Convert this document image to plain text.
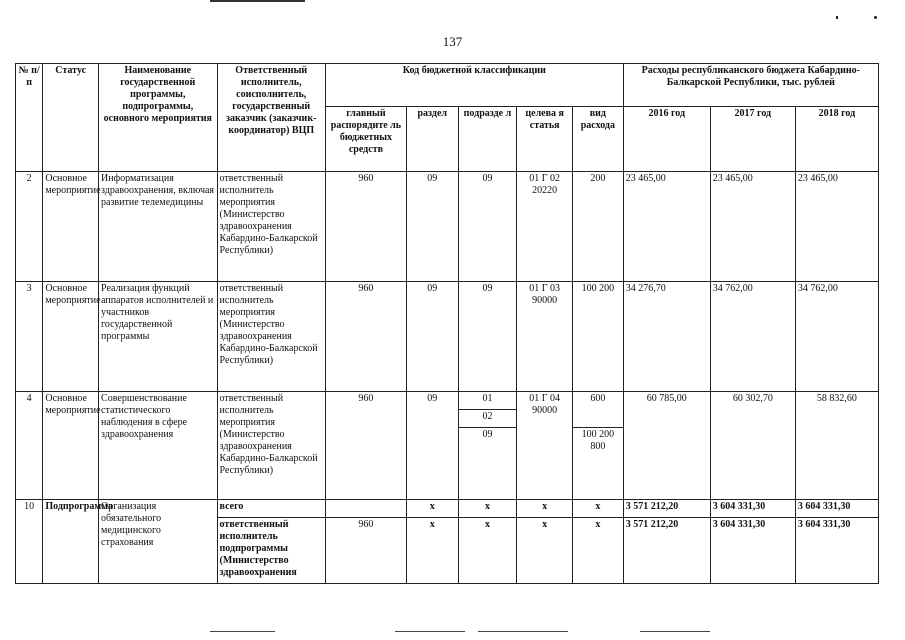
137
№ п/п	Статус	Наименование государственной программы, подпрограммы, основного мероприятия	Ответственный исполнитель, соисполнитель, государственный заказчик (заказчик-координатор) ВЦП	Код бюджетной классификации					Расходы республиканского бюджета Кабардино-Балкарской Республики, тыс. рублей		
				главный распорядите ль бюджетных средств	раздел	подразде л	целева я статья	вид расхода	2016 год	2017 год	2018 год
2	Основное мероприятие	Информатизация здравоохранения, включая развитие телемедицины	ответственный исполнитель мероприятия (Министерство здравоохранения Кабардино-Балкарской Республики)	960	09	09	01 Г 02 20220	200	23 465,00	23 465,00	23 465,00
3	Основное мероприятие	Реализация функций аппаратов исполнителей и участников государственной программы	ответственный исполнитель мероприятия (Министерство здравоохранения Кабардино-Балкарской Республики)	960	09	09	01 Г 03 90000	100 200	34 276,70	34 762,00	34 762,00
4	Основное мероприятие	Совершенствование статистического наблюдения в сфере здравоохранения	ответственный исполнитель мероприятия (Министерство здравоохранения Кабардино-Балкарской Республики)	960	09	01	01 Г 04 90000	600	60 785,00	60 302,70	58 832,60
						02					
						09		100 200 800			
10	Подпрограмма	Организация обязательного медицинского страхования	всего		х	х	х	х	3 571 212,20	3 604 331,30	3 604 331,30
			ответственный исполнитель подпрограммы (Министерство здравоохранения	960	х	х	х	х	3 571 212,20	3 604 331,30	3 604 331,30
